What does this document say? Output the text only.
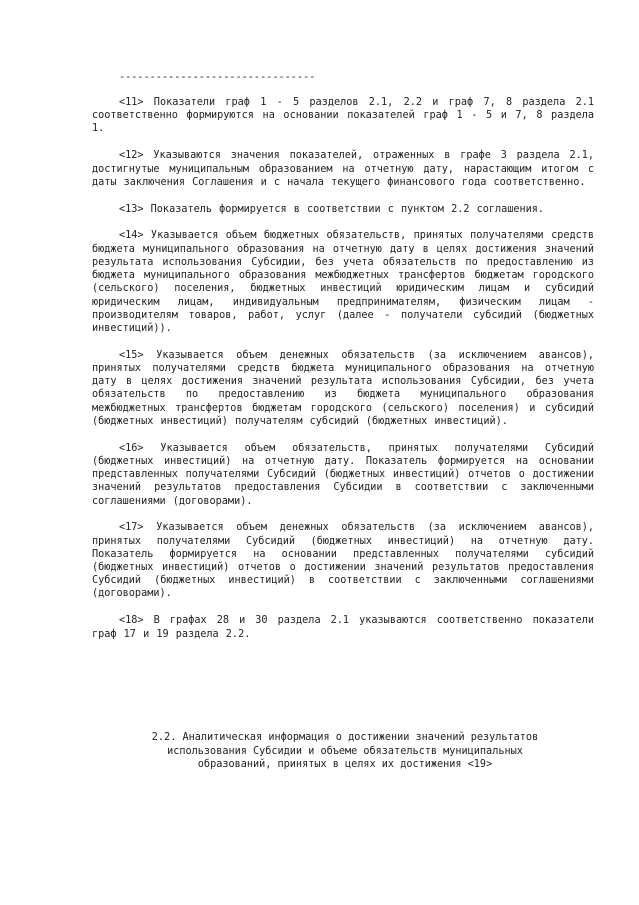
--------------------------------

<11> Показатели граф 1 - 5 разделов 2.1, 2.2 и граф 7, 8 раздела 2.1 соответственно формируются на основании показателей граф 1 - 5 и 7, 8 раздела 1.

<12> Указываются значения показателей, отраженных в графе 3 раздела 2.1, достигнутые муниципальным образованием на отчетную дату, нарастающим итогом с даты заключения Соглашения и с начала текущего финансового года соответственно.

<13> Показатель формируется в соответствии с пунктом 2.2 соглашения.

<14> Указывается объем бюджетных обязательств, принятых получателями средств бюджета муниципального образования на отчетную дату в целях достижения значений результата использования Субсидии, без учета обязательств по предоставлению из бюджета муниципального образования межбюджетных трансфертов бюджетам городского (сельского) поселения, бюджетных инвестиций юридическим лицам и субсидий юридическим лицам, индивидуальным предпринимателям, физическим лицам - производителям товаров, работ, услуг (далее - получатели субсидий (бюджетных инвестиций)).

<15> Указывается объем денежных обязательств (за исключением авансов), принятых получателями средств бюджета муниципального образования на отчетную дату в целях достижения значений результата использования Субсидии, без учета обязательств по предоставлению из бюджета муниципального образования межбюджетных трансфертов бюджетам городского (сельского) поселения) и субсидий (бюджетных инвестиций) получателям субсидий (бюджетных инвестиций).

<16> Указывается объем обязательств, принятых получателями Субсидий (бюджетных инвестиций) на отчетную дату. Показатель формируется на основании представленных получателями Субсидий (бюджетных инвестиций) отчетов о достижении значений результатов предоставления Субсидии в соответствии с заключенными соглашениями (договорами).

<17> Указывается объем денежных обязательств (за исключением авансов), принятых получателями Субсидий (бюджетных инвестиций) на отчетную дату. Показатель формируется на основании представленных получателями субсидий (бюджетных инвестиций) отчетов о достижении значений результатов предоставления Субсидий (бюджетных инвестиций) в соответствии с заключенными соглашениями (договорами).

<18> В графах 28 и 30 раздела 2.1 указываются соответственно показатели граф 17 и 19 раздела 2.2.

2.2. Аналитическая информация о достижении значений результатов
использования Субсидии и объеме обязательств муниципальных
образований, принятых в целях их достижения <19>
